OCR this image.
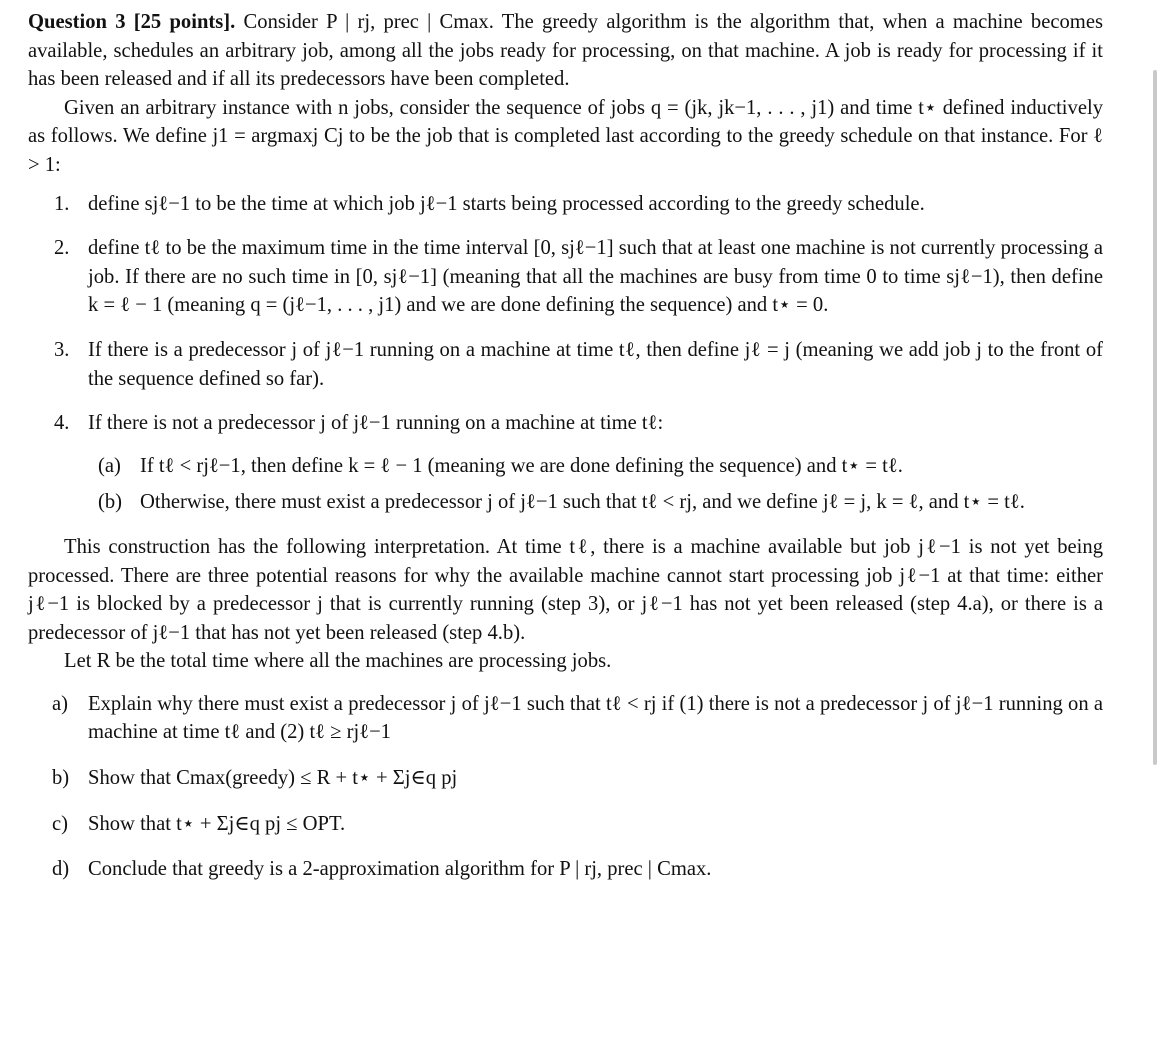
Question 3 [25 points]. Consider P | rj, prec | Cmax. The greedy algorithm is the algorithm that, when a machine becomes available, schedules an arbitrary job, among all the jobs ready for processing, on that machine. A job is ready for processing if it has been released and if all its predecessors have been completed.

Given an arbitrary instance with n jobs, consider the sequence of jobs q = (jk, jk−1, . . . , j1) and time t⋆ defined inductively as follows. We define j1 = argmaxj Cj to be the job that is completed last according to the greedy schedule on that instance. For ℓ > 1:

1. define sjℓ−1 to be the time at which job jℓ−1 starts being processed according to the greedy schedule.
2. define tℓ to be the maximum time in the time interval [0, sjℓ−1] such that at least one machine is not currently processing a job. If there are no such time in [0, sjℓ−1] (meaning that all the machines are busy from time 0 to time sjℓ−1), then define k = ℓ − 1 (meaning q = (jℓ−1, . . . , j1) and we are done defining the sequence) and t⋆ = 0.
3. If there is a predecessor j of jℓ−1 running on a machine at time tℓ, then define jℓ = j (meaning we add job j to the front of the sequence defined so far).
4. If there is not a predecessor j of jℓ−1 running on a machine at time tℓ:
(a) If tℓ < rjℓ−1, then define k = ℓ − 1 (meaning we are done defining the sequence) and t⋆ = tℓ.
(b) Otherwise, there must exist a predecessor j of jℓ−1 such that tℓ < rj, and we define jℓ = j, k = ℓ, and t⋆ = tℓ.

This construction has the following interpretation. At time tℓ, there is a machine available but job jℓ−1 is not yet being processed. There are three potential reasons for why the available machine cannot start processing job jℓ−1 at that time: either jℓ−1 is blocked by a predecessor j that is currently running (step 3), or jℓ−1 has not yet been released (step 4.a), or there is a predecessor of jℓ−1 that has not yet been released (step 4.b).

Let R be the total time where all the machines are processing jobs.

a) Explain why there must exist a predecessor j of jℓ−1 such that tℓ < rj if (1) there is not a predecessor j of jℓ−1 running on a machine at time tℓ and (2) tℓ ≥ rjℓ−1
b) Show that Cmax(greedy) ≤ R + t⋆ + Σj∈q pj
c) Show that t⋆ + Σj∈q pj ≤ OPT.
d) Conclude that greedy is a 2-approximation algorithm for P | rj, prec | Cmax.
